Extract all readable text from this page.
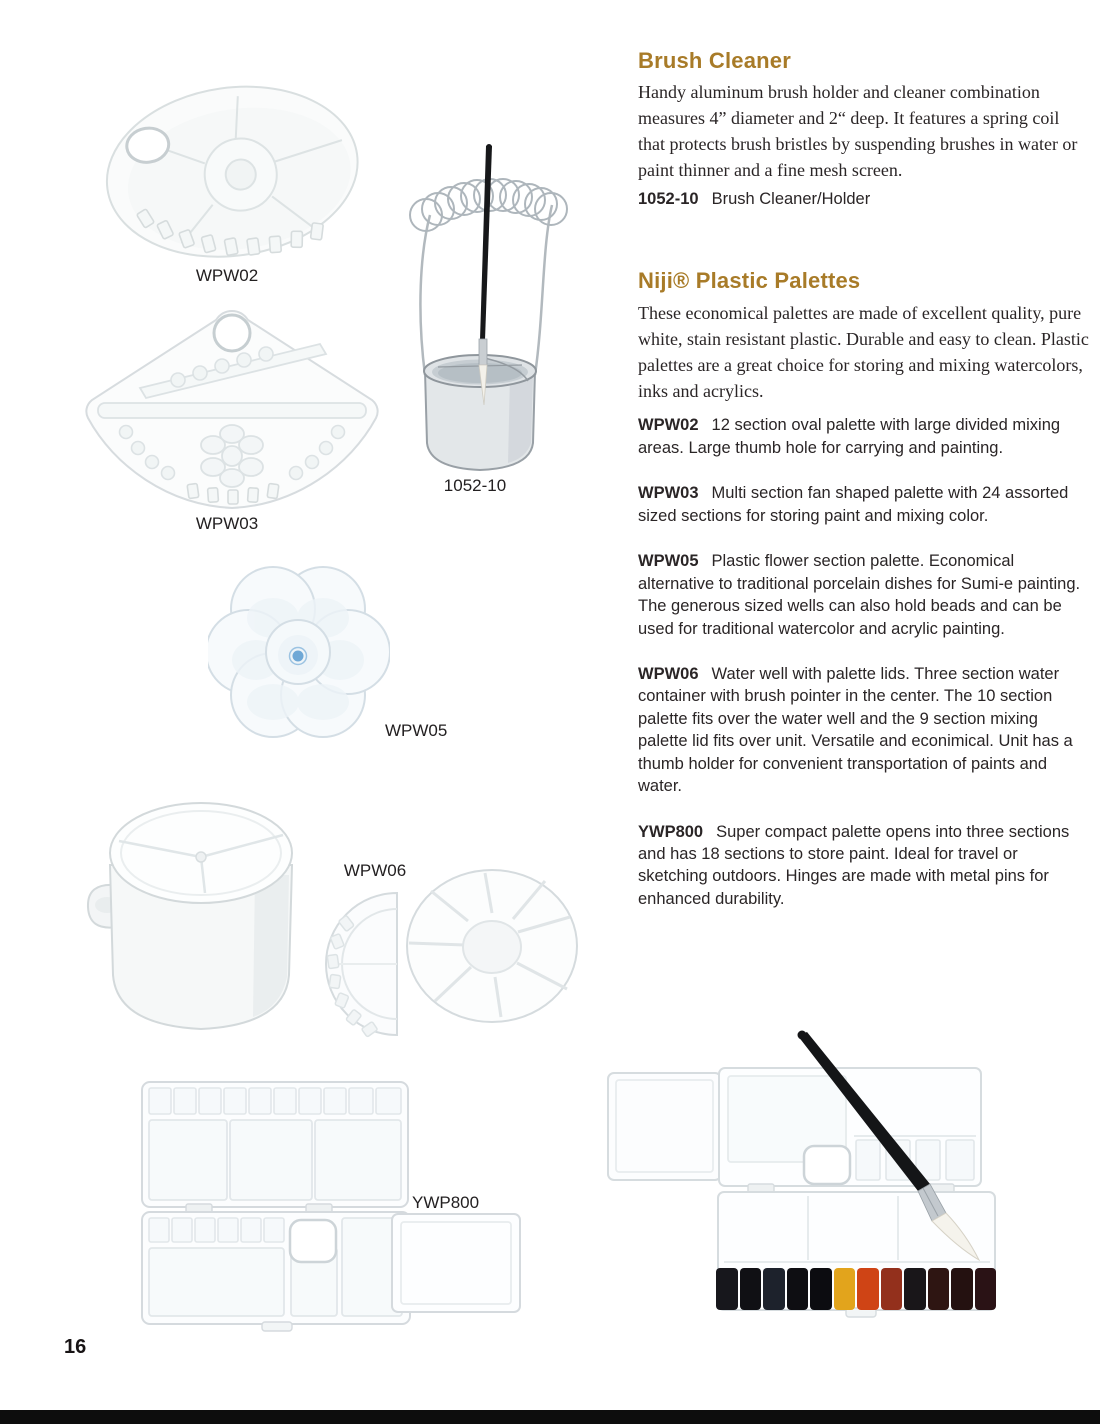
WPW02
1052-10
WPW03
WPW05
WPW06
YWP800
Brush Cleaner

Handy aluminum brush holder and cleaner combination measures 4” diameter and 2“ deep. It features a spring coil that protects brush bristles by suspending brushes in water or paint thinner and a fine mesh screen.

1052-10 Brush Cleaner/Holder

Niji® Plastic Palettes

These economical palettes are made of excellent quality, pure white, stain resistant plastic. Durable and easy to clean. Plastic palettes are a great choice for storing and mixing watercolors, inks and acrylics.

WPW02 12 section oval palette with large divided mixing areas. Large thumb hole for carrying and painting.

WPW03 Multi section fan shaped palette with 24 assorted sized sections for storing paint and mixing color.

WPW05 Plastic flower section palette. Economical alternative to traditional porcelain dishes for Sumi-e painting. The generous sized wells can also hold beads and can be used for traditional watercolor and acrylic painting.

WPW06 Water well with palette lids. Three section water container with brush pointer in the center. The 10 section palette fits over the water well and the 9 section mixing palette lid fits over unit. Versatile and econimical. Unit has a thumb holder for convenient transportation of paints and water.

YWP800 Super compact palette opens into three sections and has 18 sections to store paint. Ideal for travel or sketching outdoors. Hinges are made with metal pins for enhanced durability.

16
